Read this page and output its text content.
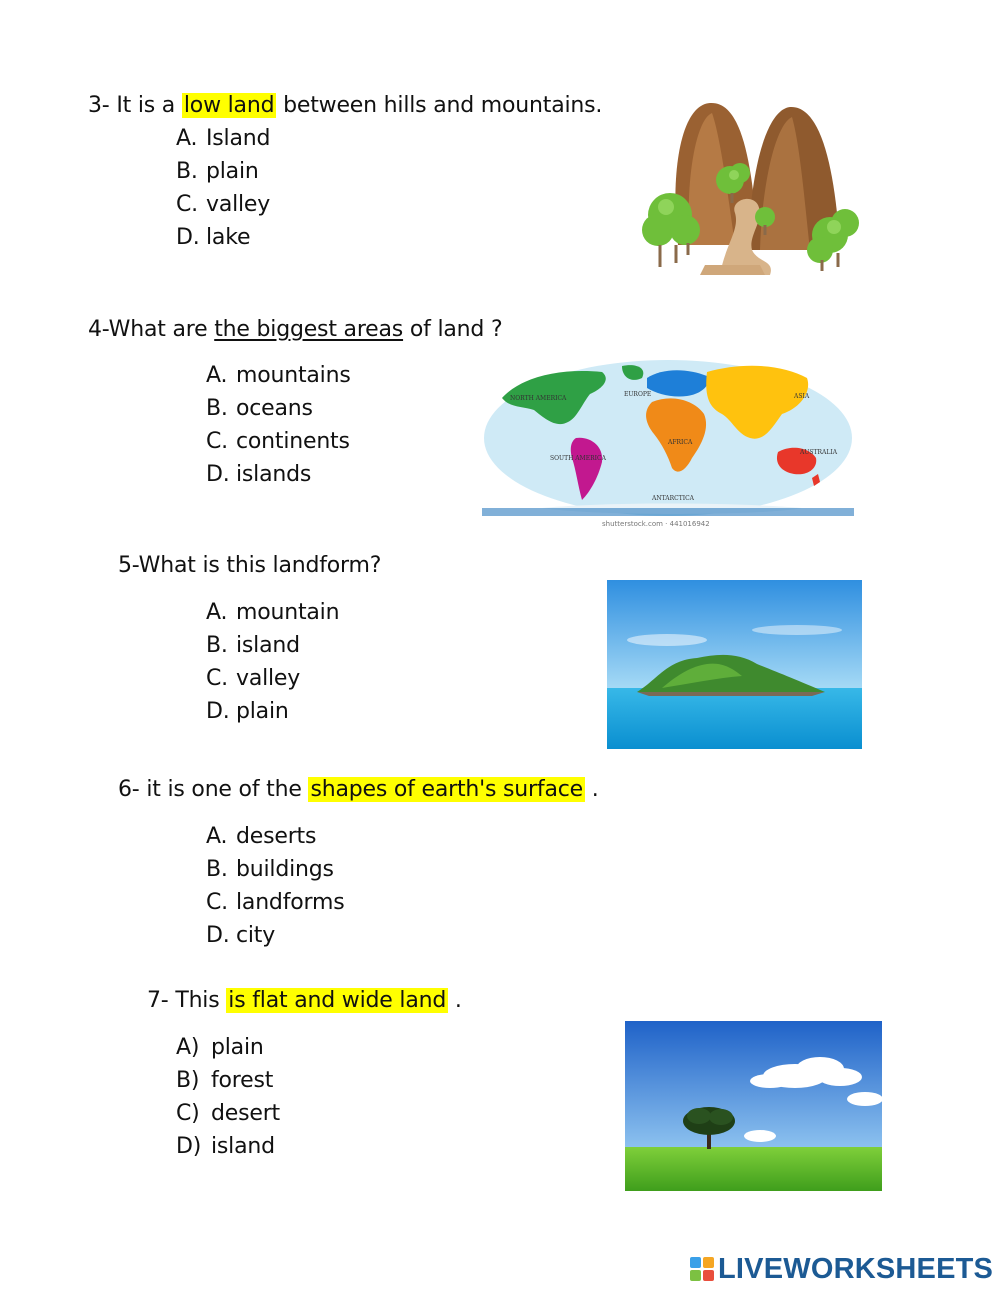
3- It is a low land between hills and mountains.
A. Island
B. plain
C. valley
D. lake
4-What are the biggest areas of land ?
A. mountains
B. oceans
C. continents
D. islands
NORTH AMERICA
SOUTH AMERICA
EUROPE	ASIA
AFRICA
AUSTRALIA
ANTARCTICA
shutterstock.com · 441016942
5-What is this landform?
A. mountain
B. island
C. valley
D. plain
6- it is one of the shapes of earth's surface .
A. deserts
B. buildings
C. landforms
D. city
7- This is flat and wide land .
A) plain
B) forest
C) desert
D) island
LIVEWORKSHEETS
